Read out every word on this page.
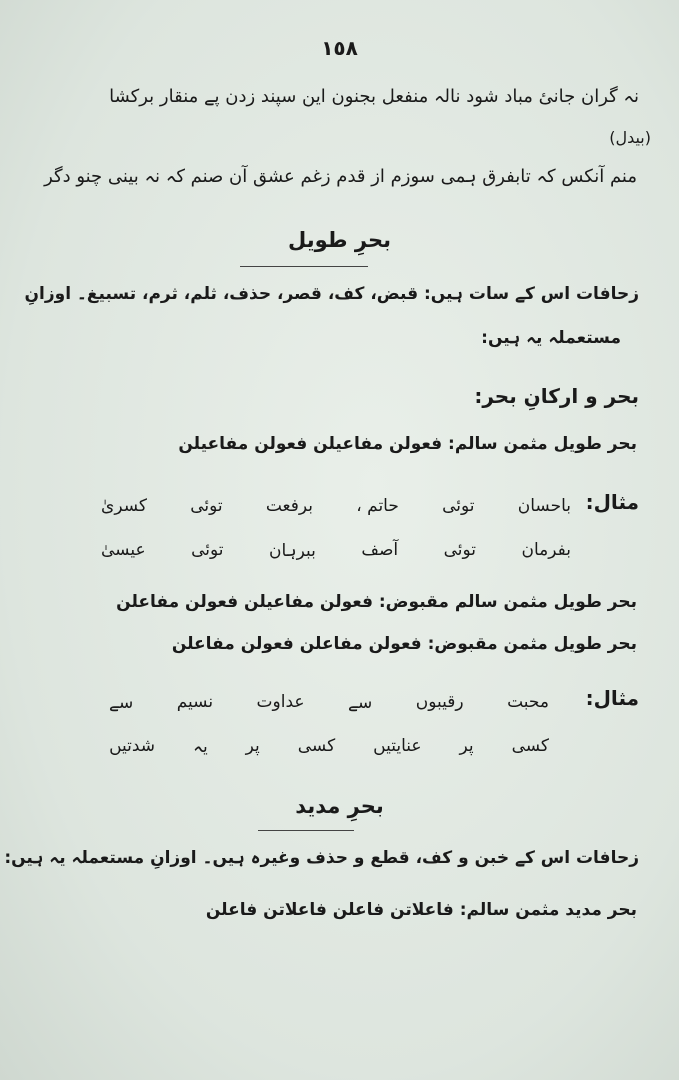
١٥٨
نہ گران جانیٔ مباد شود نالہ منفعل بجنون این سپند زدن پے منقار برکشا
(بیدل)
منم آنکس کہ تابفرق ہمی سوزم از قدم زغم عشق آن صنم کہ نہ بینی چنو دگر
بحرِ طویل
زحافات اس کے سات ہیں: قبض، کف، قصر، حذف، ثلم، ثرم، تسبیغ۔ اوزانِ
مستعملہ یہ ہیں:
بحر و ارکانِ بحر:
بحر طویل مثمن سالم: فعولن مفاعیلن فعولن مفاعیلن
مثال:
باحسان
توئی
حاتم ،
برفعت
توئی
کسریٰ
بفرمان
توئی
آصف
ببرہان
توئی
عیسیٰ
بحر طویل مثمن سالم مقبوض: فعولن مفاعیلن فعولن مفاعلن
بحر طویل مثمن مقبوض: فعولن مفاعلن فعولن مفاعلن
مثال:
محبت
رقیبوں
سے
عداوت
نسیم
سے
کسی
پر
عنایتیں
کسی
پر
یہ
شدتیں
بحرِ مدید
زحافات اس کے خبن و کف، قطع و حذف وغیرہ ہیں۔ اوزانِ مستعملہ یہ ہیں:
بحر مدید مثمن سالم: فاعلاتن فاعلن فاعلاتن فاعلن
